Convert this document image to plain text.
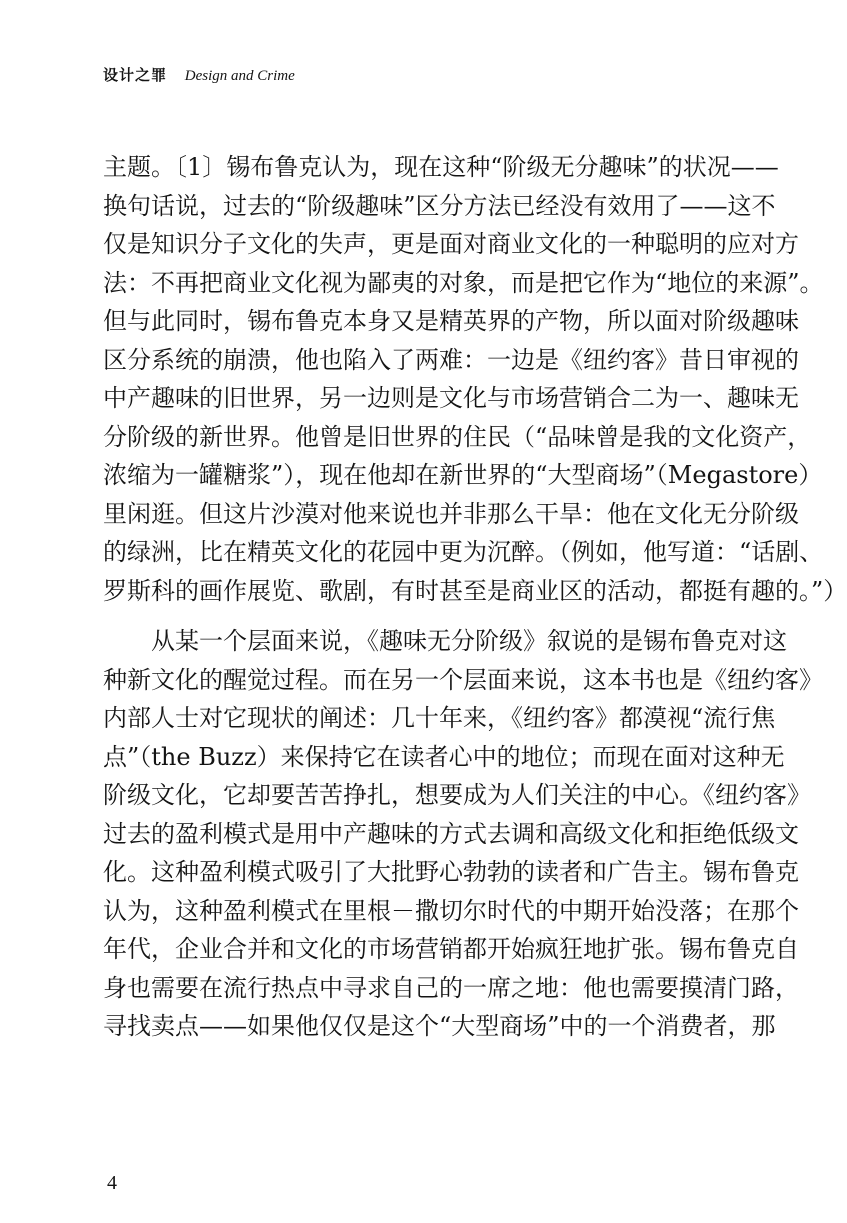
设计之罪 Design and Crime
主题。〔1〕锡布鲁克认为，现在这种“阶级无分趣味”的状况——
换句话说，过去的“阶级趣味”区分方法已经没有效用了——这不
仅是知识分子文化的失声，更是面对商业文化的一种聪明的应对方
法：不再把商业文化视为鄙夷的对象，而是把它作为“地位的来源”。
但与此同时，锡布鲁克本身又是精英界的产物，所以面对阶级趣味
区分系统的崩溃，他也陷入了两难：一边是《纽约客》昔日审视的
中产趣味的旧世界，另一边则是文化与市场营销合二为一、趣味无
分阶级的新世界。他曾是旧世界的住民（“品味曾是我的文化资产，
浓缩为一罐糖浆”），现在他却在新世界的“大型商场”（Megastore）
里闲逛。但这片沙漠对他来说也并非那么干旱：他在文化无分阶级
的绿洲，比在精英文化的花园中更为沉醉。（例如，他写道：“话剧、
罗斯科的画作展览、歌剧，有时甚至是商业区的活动，都挺有趣的。”）
从某一个层面来说，《趣味无分阶级》叙说的是锡布鲁克对这
种新文化的醒觉过程。而在另一个层面来说，这本书也是《纽约客》
内部人士对它现状的阐述：几十年来，《纽约客》都漠视“流行焦
点”（the Buzz）来保持它在读者心中的地位；而现在面对这种无
阶级文化，它却要苦苦挣扎，想要成为人们关注的中心。《纽约客》
过去的盈利模式是用中产趣味的方式去调和高级文化和拒绝低级文
化。这种盈利模式吸引了大批野心勃勃的读者和广告主。锡布鲁克
认为，这种盈利模式在里根－撒切尔时代的中期开始没落；在那个
年代，企业合并和文化的市场营销都开始疯狂地扩张。锡布鲁克自
身也需要在流行热点中寻求自己的一席之地：他也需要摸清门路，
寻找卖点——如果他仅仅是这个“大型商场”中的一个消费者，那
4
